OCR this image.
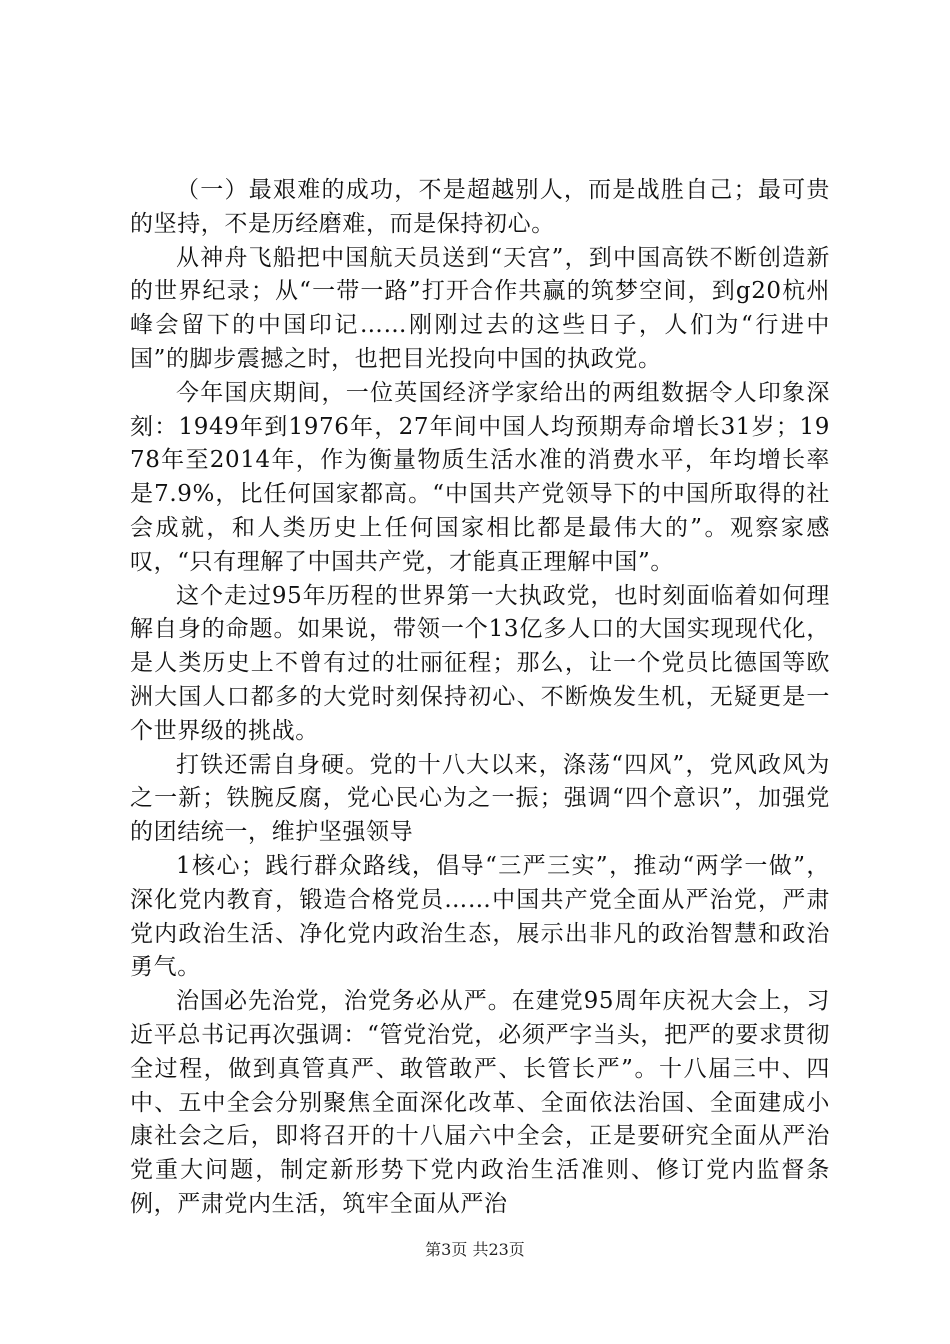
（一）最艰难的成功，不是超越别人，而是战胜自己；最可贵的坚持，不是历经磨难，而是保持初心。

从神舟飞船把中国航天员送到“天宫”，到中国高铁不断创造新的世界纪录；从“一带一路”打开合作共赢的筑梦空间，到g20杭州峰会留下的中国印记……刚刚过去的这些日子，人们为“行进中国”的脚步震撼之时，也把目光投向中国的执政党。

今年国庆期间，一位英国经济学家给出的两组数据令人印象深刻：1949年到1976年，27年间中国人均预期寿命增长31岁；1978年至2014年，作为衡量物质生活水准的消费水平，年均增长率是7.9%，比任何国家都高。“中国共产党领导下的中国所取得的社会成就，和人类历史上任何国家相比都是最伟大的”。观察家感叹，“只有理解了中国共产党，才能真正理解中国”。

这个走过95年历程的世界第一大执政党，也时刻面临着如何理解自身的命题。如果说，带领一个13亿多人口的大国实现现代化，是人类历史上不曾有过的壮丽征程；那么，让一个党员比德国等欧洲大国人口都多的大党时刻保持初心、不断焕发生机，无疑更是一个世界级的挑战。

打铁还需自身硬。党的十八大以来，涤荡“四风”，党风政风为之一新；铁腕反腐，党心民心为之一振；强调“四个意识”，加强党的团结统一，维护坚强领导

1核心；践行群众路线，倡导“三严三实”，推动“两学一做”，深化党内教育，锻造合格党员……中国共产党全面从严治党，严肃党内政治生活、净化党内政治生态，展示出非凡的政治智慧和政治勇气。

治国必先治党，治党务必从严。在建党95周年庆祝大会上，习近平总书记再次强调：“管党治党，必须严字当头，把严的要求贯彻全过程，做到真管真严、敢管敢严、长管长严”。十八届三中、四中、五中全会分别聚焦全面深化改革、全面依法治国、全面建成小康社会之后，即将召开的十八届六中全会，正是要研究全面从严治党重大问题，制定新形势下党内政治生活准则、修订党内监督条例，严肃党内生活，筑牢全面从严治

第3页 共23页
